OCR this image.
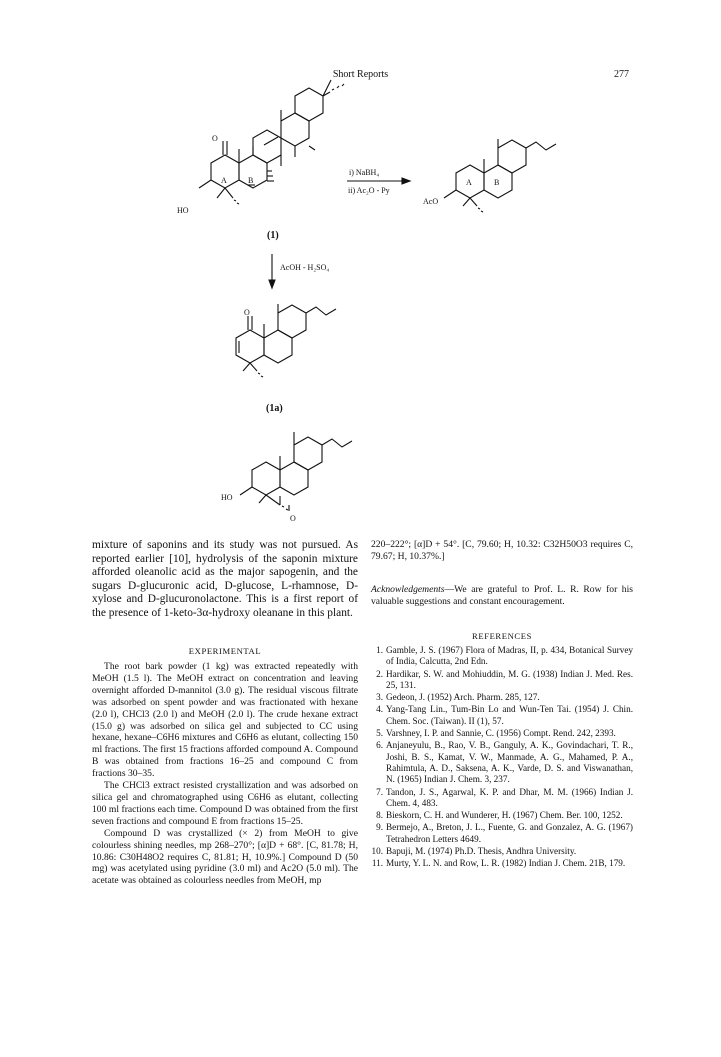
Short Reports	277
HO
O
A	B
(1)
i) NaBH₄
ii) Ac₂O - Py
AcO
A	B
AcOH - H₂SO₄
O
(1a)
HO
O
mixture of saponins and its study was not pursued. As reported earlier [10], hydrolysis of the saponin mixture afforded oleanolic acid as the major sapogenin, and the sugars D-glucuronic acid, D-glucose, L-rhamnose, D-xylose and D-glucuronolactone. This is a first report of the presence of 1-keto-3α-hydroxy oleanane in this plant.
220–222°; [α]D + 54°. [C, 79.60; H, 10.32: C32H50O3 requires C, 79.67; H, 10.37%.]
Acknowledgements—We are grateful to Prof. L. R. Row for his valuable suggestions and constant encouragement.
EXPERIMENTAL

The root bark powder (1 kg) was extracted repeatedly with MeOH (1.5 l). The MeOH extract on concentration and leaving overnight afforded D-mannitol (3.0 g). The residual viscous filtrate was adsorbed on spent powder and was fractionated with hexane (2.0 l), CHCl3 (2.0 l) and MeOH (2.0 l). The crude hexane extract (15.0 g) was adsorbed on silica gel and subjected to CC using hexane, hexane–C6H6 mixtures and C6H6 as elutant, collecting 150 ml fractions. The first 15 fractions afforded compound A. Compound B was obtained from fractions 16–25 and compound C from fractions 30–35.

The CHCl3 extract resisted crystallization and was adsorbed on silica gel and chromatographed using C6H6 as elutant, collecting 100 ml fractions each time. Compound D was obtained from the first seven fractions and compound E from fractions 15–25.

Compound D was crystallized (× 2) from MeOH to give colourless shining needles, mp 268–270°; [α]D + 68°. [C, 81.78; H, 10.86: C30H48O2 requires C, 81.81; H, 10.9%.] Compound D (50 mg) was acetylated using pyridine (3.0 ml) and Ac2O (5.0 ml). The acetate was obtained as colourless needles from MeOH, mp

REFERENCES
1. Gamble, J. S. (1967) Flora of Madras, II, p. 434, Botanical Survey of India, Calcutta, 2nd Edn.
2. Hardikar, S. W. and Mohiuddin, M. G. (1938) Indian J. Med. Res. 25, 131.
3. Gedeon, J. (1952) Arch. Pharm. 285, 127.
4. Yang-Tang Lin., Tum-Bin Lo and Wun-Ten Tai. (1954) J. Chin. Chem. Soc. (Taiwan). II (1), 57.
5. Varshney, I. P. and Sannie, C. (1956) Compt. Rend. 242, 2393.
6. Anjaneyulu, B., Rao, V. B., Ganguly, A. K., Govindachari, T. R., Joshi, B. S., Kamat, V. W., Manmade, A. G., Mahamed, P. A., Rahimtula, A. D., Saksena, A. K., Varde, D. S. and Viswanathan, N. (1965) Indian J. Chem. 3, 237.
7. Tandon, J. S., Agarwal, K. P. and Dhar, M. M. (1966) Indian J. Chem. 4, 483.
8. Bieskorn, C. H. and Wunderer, H. (1967) Chem. Ber. 100, 1252.
9. Bermejo, A., Breton, J. L., Fuente, G. and Gonzalez, A. G. (1967) Tetrahedron Letters 4649.
10. Bapuji, M. (1974) Ph.D. Thesis, Andhra University.
11. Murty, Y. L. N. and Row, L. R. (1982) Indian J. Chem. 21B, 179.
